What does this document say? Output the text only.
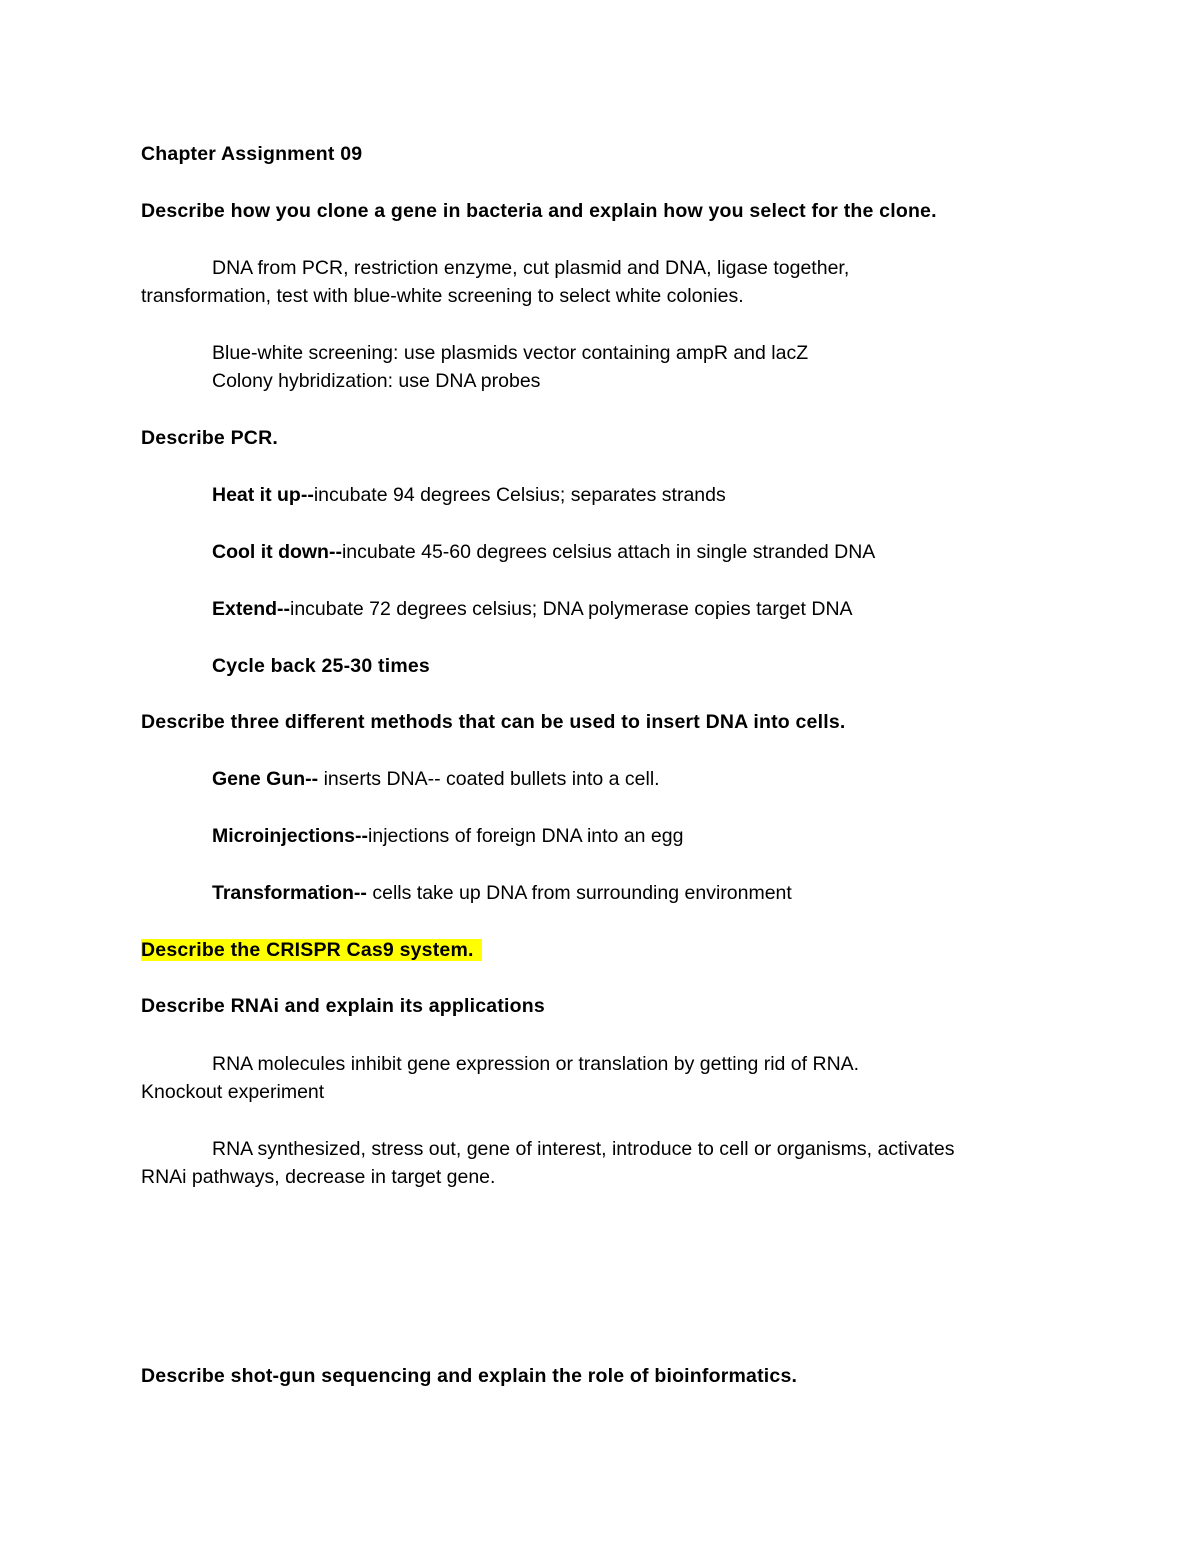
Chapter Assignment 09

Describe how you clone a gene in bacteria and explain how you select for the clone.

DNA from PCR, restriction enzyme, cut plasmid and DNA, ligase together,

transformation, test with blue-white screening to select white colonies.

Blue-white screening: use plasmids vector containing ampR and lacZ

Colony hybridization: use DNA probes

Describe PCR.

Heat it up--incubate 94 degrees Celsius; separates strands

Cool it down--incubate 45-60 degrees celsius attach in single stranded DNA

Extend--incubate 72 degrees celsius; DNA polymerase copies target DNA

Cycle back 25-30 times

Describe three different methods that can be used to insert DNA into cells.

Gene Gun-- inserts DNA-- coated bullets into a cell.

Microinjections--injections of foreign DNA into an egg

Transformation-- cells take up DNA from surrounding environment

Describe the CRISPR Cas9 system.

Describe RNAi and explain its applications

RNA molecules inhibit gene expression or translation by getting rid of RNA.

Knockout experiment

RNA synthesized, stress out, gene of interest, introduce to cell or organisms, activates

RNAi pathways, decrease in target gene.

Describe shot-gun sequencing and explain the role of bioinformatics.
